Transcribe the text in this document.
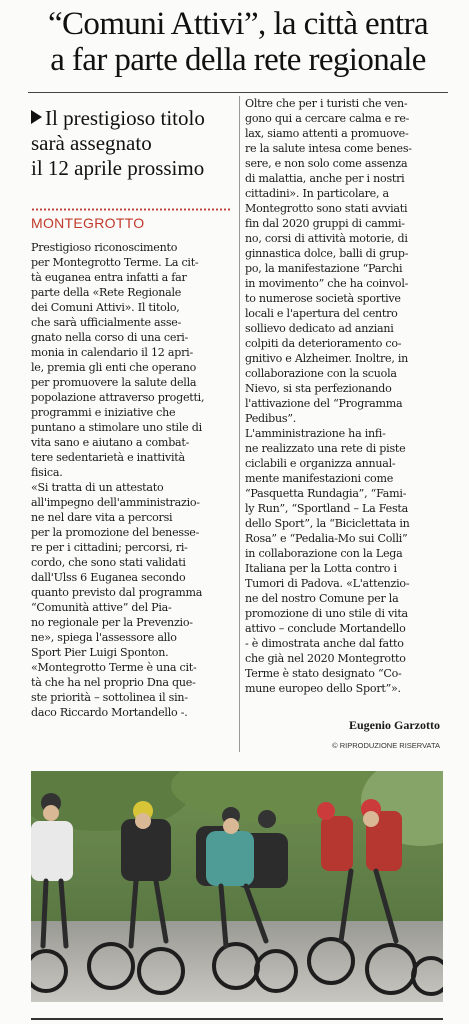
“Comuni Attivi”, la città entra
a far parte della rete regionale
Il prestigioso titolo
sarà assegnato
il 12 aprile prossimo
MONTEGROTTO
Prestigioso riconoscimento
per Montegrotto Terme. La cit-
tà euganea entra infatti a far
parte della «Rete Regionale
dei Comuni Attivi». Il titolo,
che sarà ufficialmente asse-
gnato nella corso di una ceri-
monia in calendario il 12 apri-
le, premia gli enti che operano
per promuovere la salute della
popolazione attraverso progetti,
programmi e iniziative che
puntano a stimolare uno stile di
vita sano e aiutano a combat-
tere sedentarietà e inattività
fisica.
«Si tratta di un attestato
all'impegno dell'amministrazio-
ne nel dare vita a percorsi
per la promozione del benesse-
re per i cittadini; percorsi, ri-
cordo, che sono stati validati
dall'Ulss 6 Euganea secondo
quanto previsto dal programma
“Comunità attive” del Pia-
no regionale per la Prevenzio-
ne», spiega l'assessore allo
Sport Pier Luigi Sponton.
«Montegrotto Terme è una cit-
tà che ha nel proprio Dna que-
ste priorità – sottolinea il sin-
daco Riccardo Mortandello -.
Oltre che per i turisti che ven-
gono qui a cercare calma e re-
lax, siamo attenti a promuove-
re la salute intesa come benes-
sere, e non solo come assenza
di malattia, anche per i nostri
cittadini». In particolare, a
Montegrotto sono stati avviati
fin dal 2020 gruppi di cammi-
no, corsi di attività motorie, di
ginnastica dolce, balli di grup-
po, la manifestazione “Parchi
in movimento” che ha coinvol-
to numerose società sportive
locali e l'apertura del centro
sollievo dedicato ad anziani
colpiti da deterioramento co-
gnitivo e Alzheimer. Inoltre, in
collaborazione con la scuola
Nievo, si sta perfezionando
l'attivazione del “Programma
Pedibus”.
L'amministrazione ha infi-
ne realizzato una rete di piste
ciclabili e organizza annual-
mente manifestazioni come
“Pasquetta Rundagia”, “Fami-
ly Run”, “Sportland – La Festa
dello Sport”, la “Biciclettata in
Rosa” e “Pedalia-Mo sui Colli”
in collaborazione con la Lega
Italiana per la Lotta contro i
Tumori di Padova. «L'attenzio-
ne del nostro Comune per la
promozione di uno stile di vita
attivo – conclude Mortandello
- è dimostrata anche dal fatto
che già nel 2020 Montegrotto
Terme è stato designato “Co-
mune europeo dello Sport”».
Eugenio Garzotto
© RIPRODUZIONE RISERVATA
